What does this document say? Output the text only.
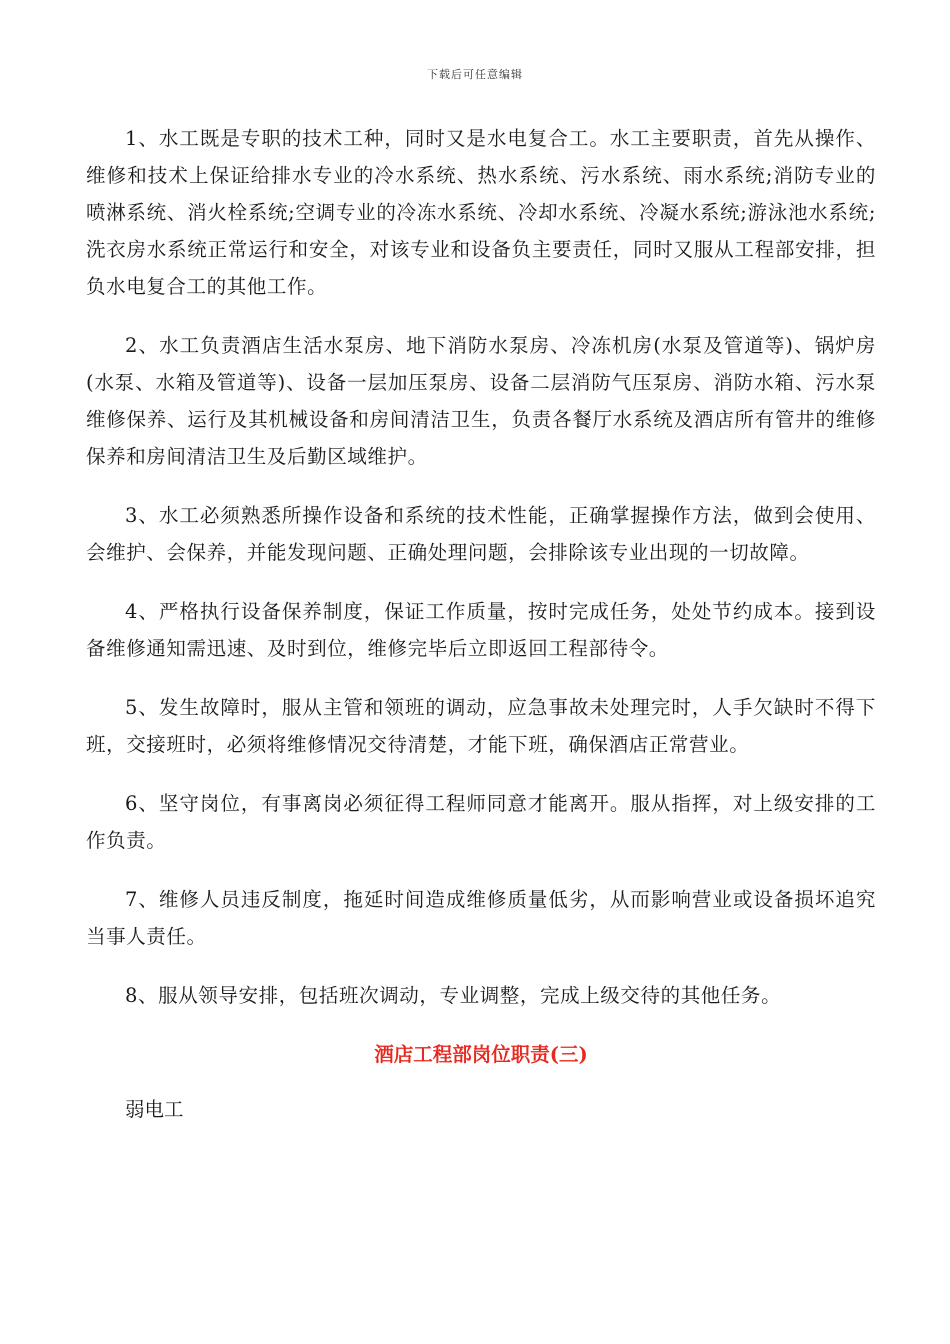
下载后可任意编辑

1、水工既是专职的技术工种，同时又是水电复合工。水工主要职责，首先从操作、维修和技术上保证给排水专业的冷水系统、热水系统、污水系统、雨水系统;消防专业的喷淋系统、消火栓系统;空调专业的冷冻水系统、冷却水系统、冷凝水系统;游泳池水系统;洗衣房水系统正常运行和安全，对该专业和设备负主要责任，同时又服从工程部安排，担负水电复合工的其他工作。

2、水工负责酒店生活水泵房、地下消防水泵房、冷冻机房(水泵及管道等)、锅炉房(水泵、水箱及管道等)、设备一层加压泵房、设备二层消防气压泵房、消防水箱、污水泵维修保养、运行及其机械设备和房间清洁卫生，负责各餐厅水系统及酒店所有管井的维修保养和房间清洁卫生及后勤区域维护。

3、水工必须熟悉所操作设备和系统的技术性能，正确掌握操作方法，做到会使用、会维护、会保养，并能发现问题、正确处理问题，会排除该专业出现的一切故障。

4、严格执行设备保养制度，保证工作质量，按时完成任务，处处节约成本。接到设备维修通知需迅速、及时到位，维修完毕后立即返回工程部待令。

5、发生故障时，服从主管和领班的调动，应急事故未处理完时，人手欠缺时不得下班，交接班时，必须将维修情况交待清楚，才能下班，确保酒店正常营业。

6、坚守岗位，有事离岗必须征得工程师同意才能离开。服从指挥，对上级安排的工作负责。

7、维修人员违反制度，拖延时间造成维修质量低劣，从而影响营业或设备损坏追究当事人责任。

8、服从领导安排，包括班次调动，专业调整，完成上级交待的其他任务。

酒店工程部岗位职责(三)

弱电工
